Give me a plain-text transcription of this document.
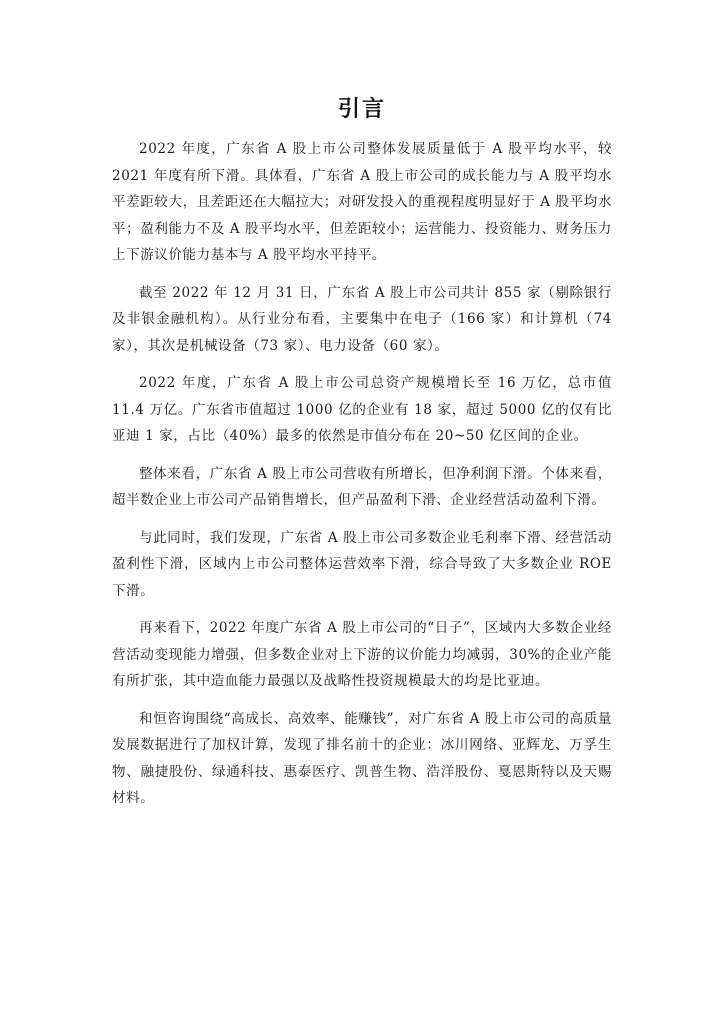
引言

2022 年度，广东省 A 股上市公司整体发展质量低于 A 股平均水平，较 2021 年度有所下滑。具体看，广东省 A 股上市公司的成长能力与 A 股平均水平差距较大，且差距还在大幅拉大；对研发投入的重视程度明显好于 A 股平均水平；盈利能力不及 A 股平均水平，但差距较小；运营能力、投资能力、财务压力上下游议价能力基本与 A 股平均水平持平。

截至 2022 年 12 月 31 日，广东省 A 股上市公司共计 855 家（剔除银行及非银金融机构）。从行业分布看，主要集中在电子（166 家）和计算机（74 家），其次是机械设备（73 家）、电力设备（60 家）。

2022 年度，广东省 A 股上市公司总资产规模增长至 16 万亿，总市值 11.4 万亿。广东省市值超过 1000 亿的企业有 18 家，超过 5000 亿的仅有比亚迪 1 家，占比（40%）最多的依然是市值分布在 20~50 亿区间的企业。

整体来看，广东省 A 股上市公司营收有所增长，但净利润下滑。个体来看，超半数企业上市公司产品销售增长，但产品盈利下滑、企业经营活动盈利下滑。

与此同时，我们发现，广东省 A 股上市公司多数企业毛利率下滑、经营活动盈利性下滑，区域内上市公司整体运营效率下滑，综合导致了大多数企业 ROE 下滑。

再来看下，2022 年度广东省 A 股上市公司的“日子”，区域内大多数企业经营活动变现能力增强，但多数企业对上下游的议价能力均减弱，30%的企业产能有所扩张，其中造血能力最强以及战略性投资规模最大的均是比亚迪。

和恒咨询围绕“高成长、高效率、能赚钱”，对广东省 A 股上市公司的高质量发展数据进行了加权计算，发现了排名前十的企业：冰川网络、亚辉龙、万孚生物、融捷股份、绿通科技、惠泰医疗、凯普生物、浩洋股份、戛恩斯特以及天赐材料。
